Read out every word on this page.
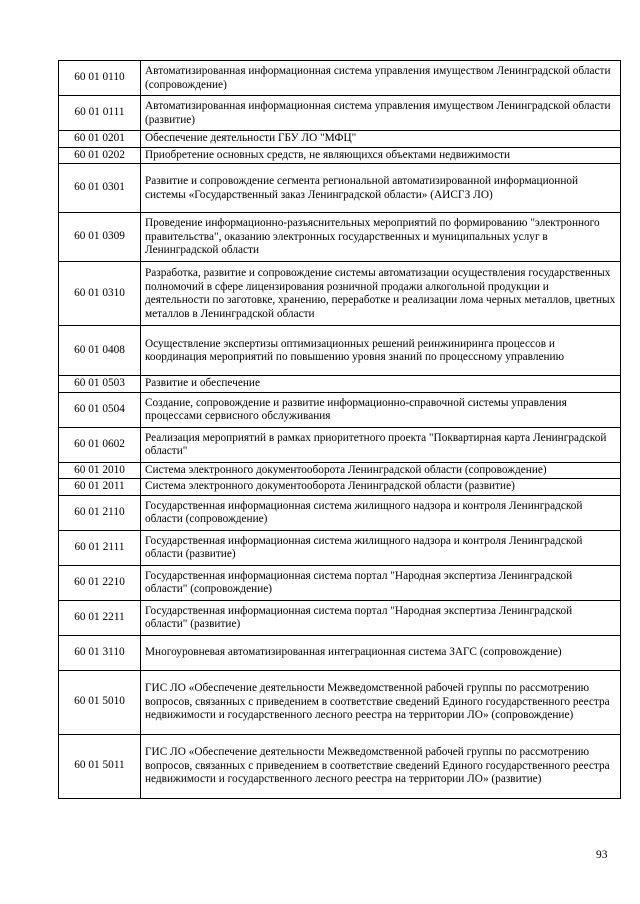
60 01 0110	Автоматизированная информационная система управления имуществом Ленинградской области (сопровождение)
60 01 0111	Автоматизированная информационная система управления имуществом Ленинградской области (развитие)
60 01 0201	Обеспечение деятельности ГБУ ЛО "МФЦ"
60 01 0202	Приобретение основных средств, не являющихся объектами недвижимости
60 01 0301	Развитие и сопровождение сегмента региональной автоматизированной информационной системы «Государственный заказ Ленинградской области» (АИСГЗ ЛО)
60 01 0309	Проведение информационно-разъяснительных мероприятий по формированию "электронного правительства", оказанию электронных государственных и муниципальных услуг в Ленинградской области
60 01 0310	Разработка, развитие и сопровождение системы автоматизации осуществления государственных полномочий в сфере лицензирования розничной продажи алкогольной продукции и деятельности по заготовке, хранению, переработке и реализации лома черных металлов, цветных металлов в Ленинградской области
60 01 0408	Осуществление экспертизы оптимизационных решений реинжиниринга процессов и координация мероприятий по повышению уровня знаний по процессному управлению
60 01 0503	Развитие и обеспечение
60 01 0504	Создание, сопровождение и развитие информационно-справочной системы управления процессами сервисного обслуживания
60 01 0602	Реализация мероприятий в рамках приоритетного проекта "Поквартирная карта Ленинградской области"
60 01 2010	Система электронного документооборота Ленинградской области (сопровождение)
60 01 2011	Система электронного документооборота Ленинградской области (развитие)
60 01 2110	Государственная информационная система жилищного надзора и контроля Ленинградской области (сопровождение)
60 01 2111	Государственная информационная система жилищного надзора и контроля Ленинградской области (развитие)
60 01 2210	Государственная информационная система портал "Народная экспертиза Ленинградской области" (сопровождение)
60 01 2211	Государственная информационная система портал "Народная экспертиза Ленинградской области" (развитие)
60 01 3110	Многоуровневая автоматизированная интеграционная система ЗАГС (сопровождение)
60 01 5010	ГИС ЛО «Обеспечение деятельности Межведомственной рабочей группы по рассмотрению вопросов, связанных с приведением в соответствие сведений Единого государственного реестра недвижимости и государственного лесного реестра на территории ЛО» (сопровождение)
60 01 5011	ГИС ЛО «Обеспечение деятельности Межведомственной рабочей группы по рассмотрению вопросов, связанных с приведением в соответствие сведений Единого государственного реестра недвижимости и государственного лесного реестра на территории ЛО» (развитие)
93
